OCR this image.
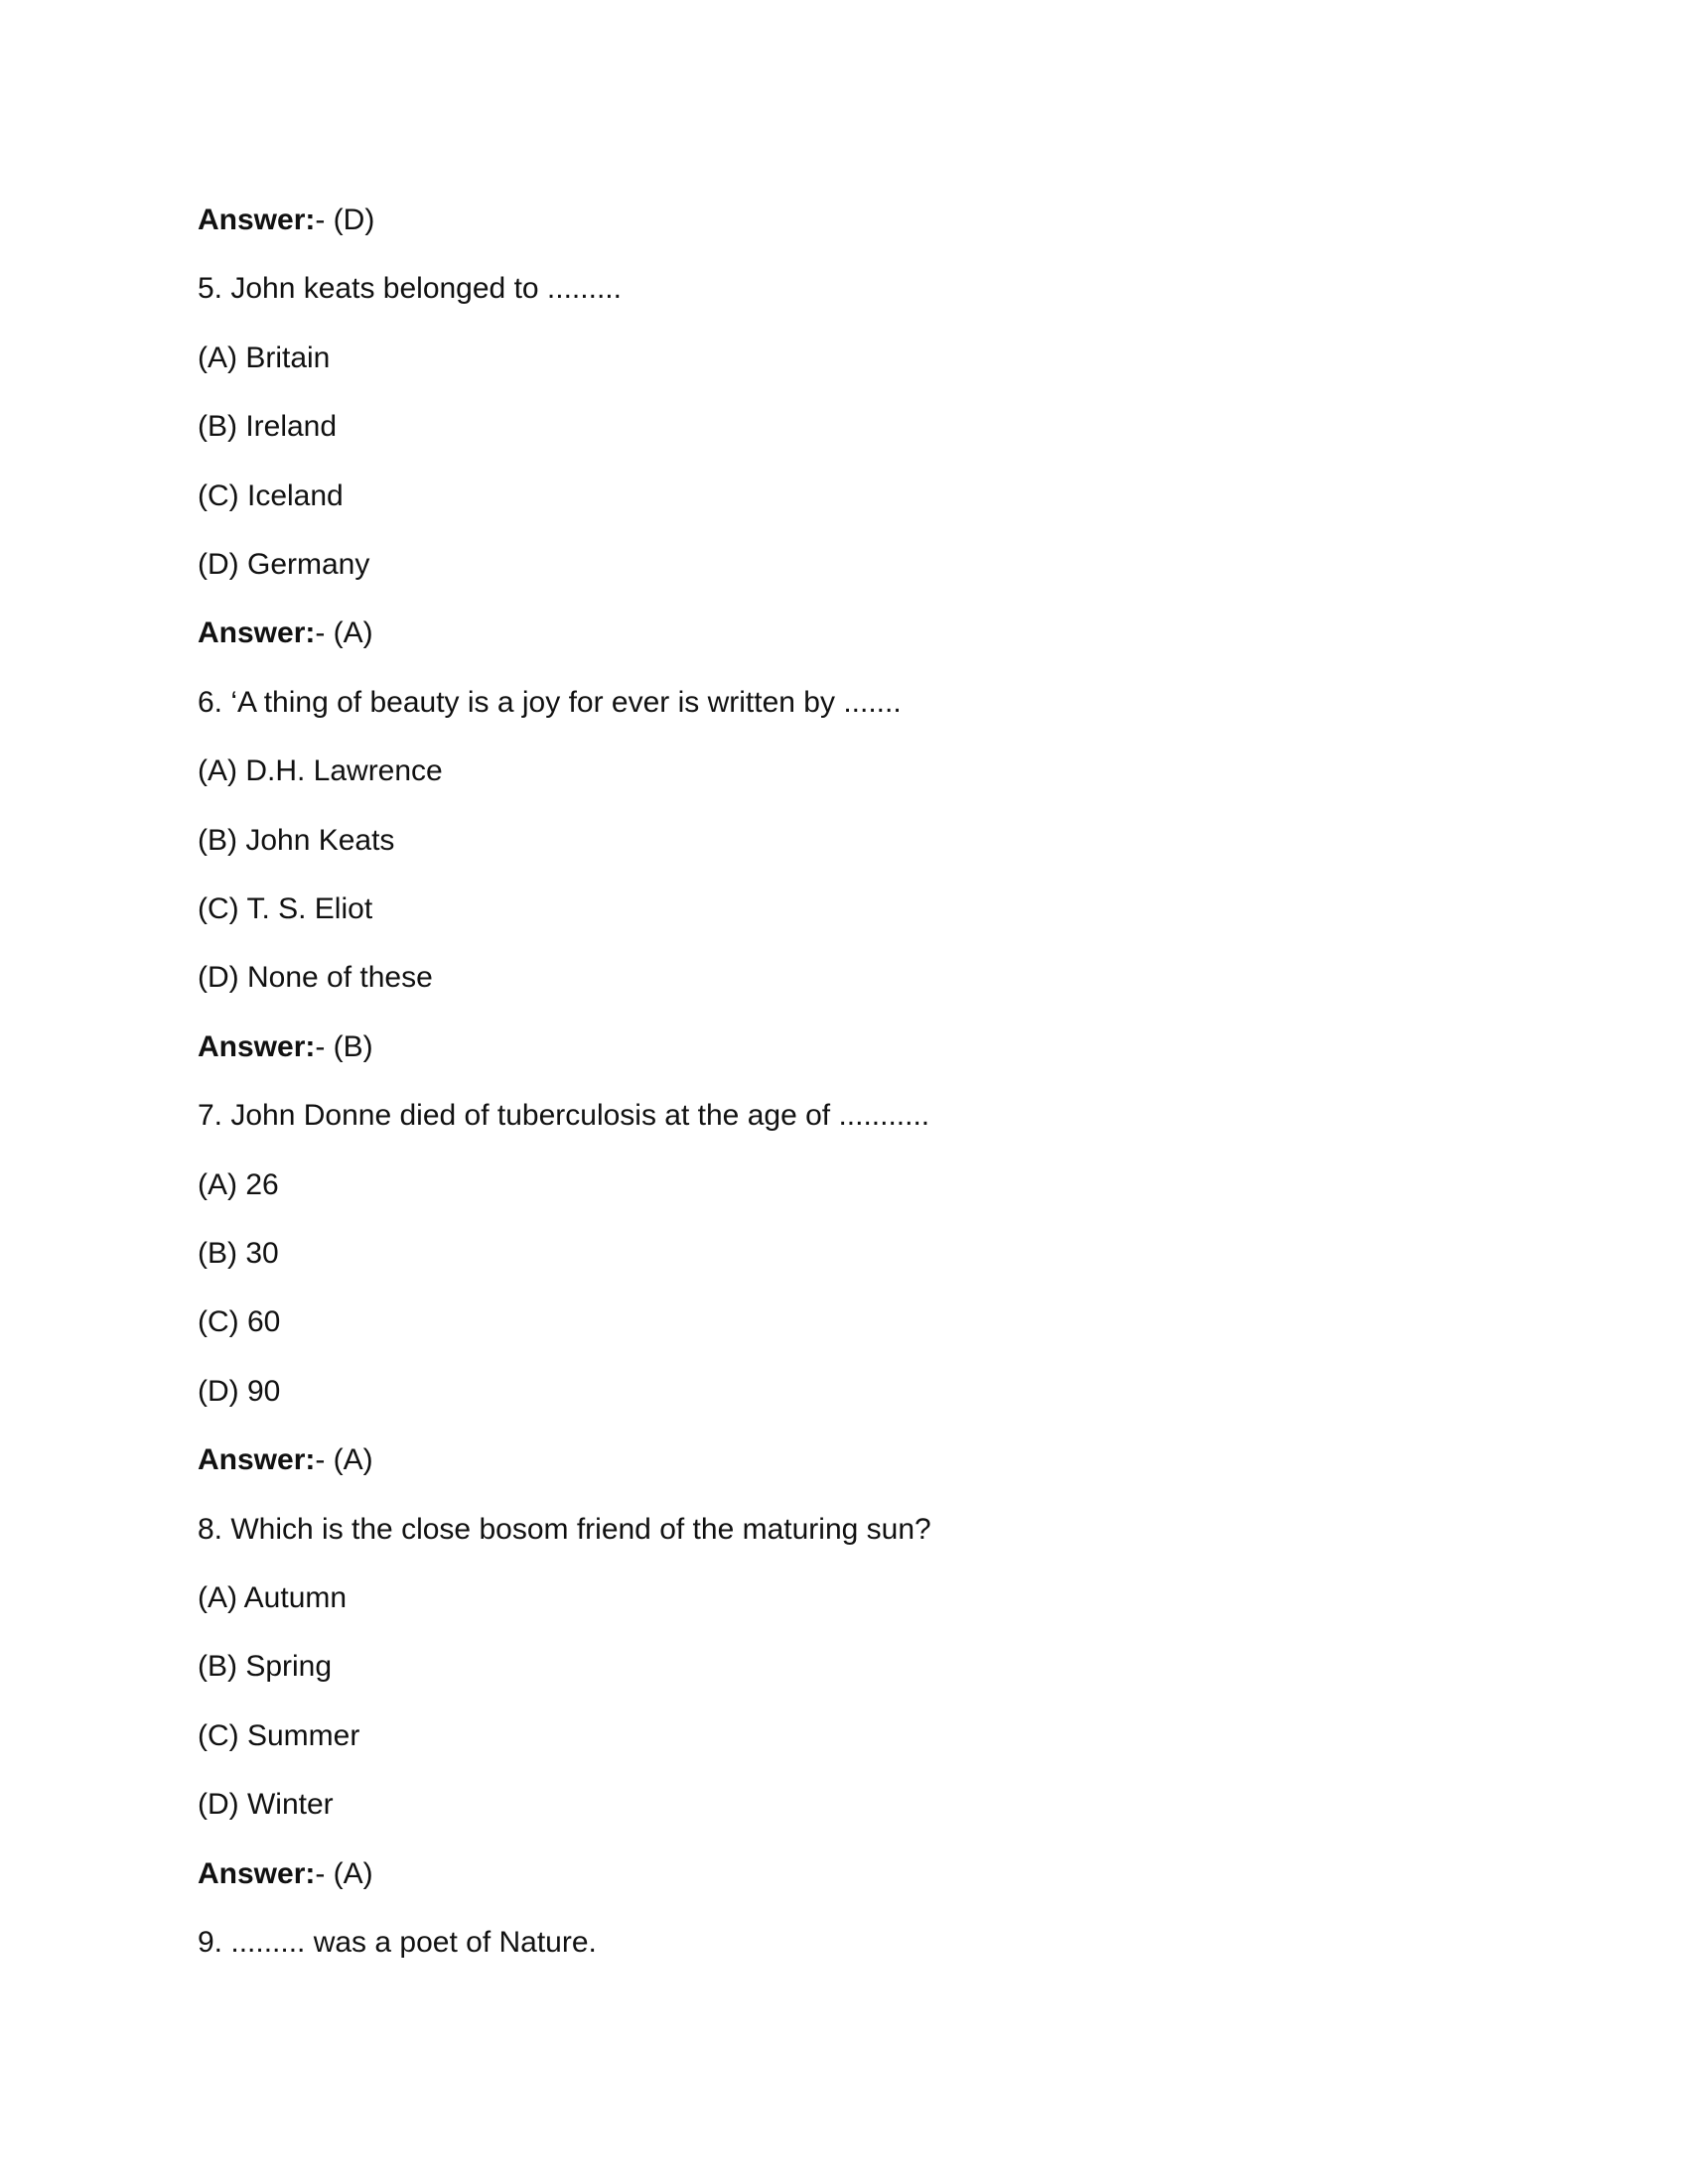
Answer:- (D)
5. John keats belonged to .........
(A) Britain
(B) Ireland
(C) Iceland
(D) Germany
Answer:- (A)
6. ‘A thing of beauty is a joy for ever is written by .......
(A) D.H. Lawrence
(B) John Keats
(C) T. S. Eliot
(D) None of these
Answer:- (B)
7. John Donne died of tuberculosis at the age of ...........
(A) 26
(B) 30
(C) 60
(D) 90
Answer:- (A)
8. Which is the close bosom friend of the maturing sun?
(A) Autumn
(B) Spring
(C) Summer
(D) Winter
Answer:- (A)
9. ......... was a poet of Nature.
